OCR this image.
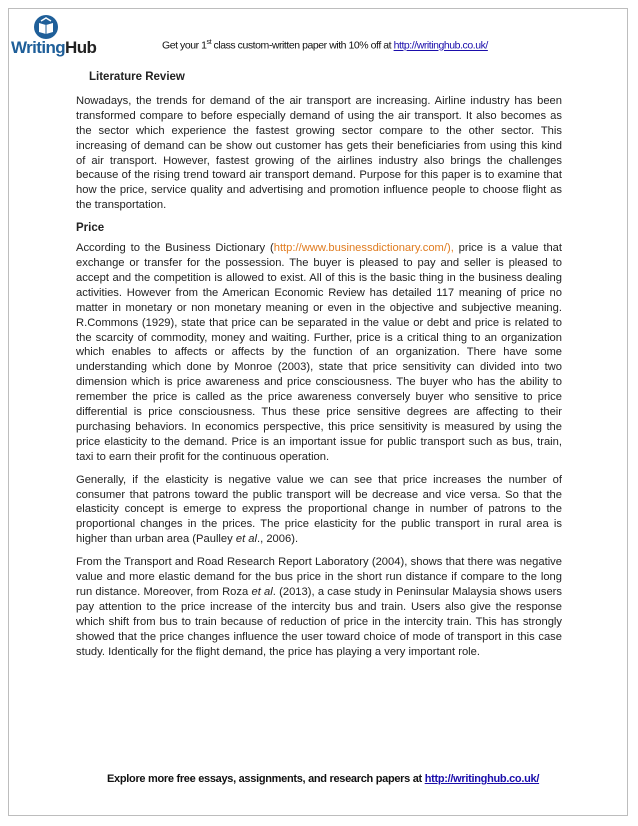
WritingHub	Get your 1st class custom-written paper with 10% off at http://writinghub.co.uk/
Literature Review

Nowadays, the trends for demand of the air transport are increasing. Airline industry has been transformed compare to before especially demand of using the air transport. It also becomes as the sector which experience the fastest growing sector compare to the other sector. This increasing of demand can be show out customer has gets their beneficiaries from using this kind of air transport. However, fastest growing of the airlines industry also brings the challenges because of the rising trend toward air transport demand. Purpose for this paper is to examine that how the price, service quality and advertising and promotion influence people to choose flight as the transportation.

Price

According to the Business Dictionary (http://www.businessdictionary.com/), price is a value that exchange or transfer for the possession. The buyer is pleased to pay and seller is pleased to accept and the competition is allowed to exist. All of this is the basic thing in the business dealing activities. However from the American Economic Review has detailed 117 meaning of price no matter in monetary or non monetary meaning or even in the objective and subjective meaning. R.Commons (1929), state that price can be separated in the value or debt and price is related to the scarcity of commodity, money and waiting. Further, price is a critical thing to an organization which enables to affects or affects by the function of an organization. There have some understanding which done by Monroe (2003), state that price sensitivity can divided into two dimension which is price awareness and price consciousness. The buyer who has the ability to remember the price is called as the price awareness conversely buyer who sensitive to price differential is price consciousness. Thus these price sensitive degrees are affecting to their purchasing behaviors. In economics perspective, this price sensitivity is measured by using the price elasticity to the demand. Price is an important issue for public transport such as bus, train, taxi to earn their profit for the continuous operation.

Generally, if the elasticity is negative value we can see that price increases the number of consumer that patrons toward the public transport will be decrease and vice versa. So that the elasticity concept is emerge to express the proportional change in number of patrons to the proportional changes in the prices. The price elasticity for the public transport in rural area is higher than urban area (Paulley et al., 2006).

From the Transport and Road Research Report Laboratory (2004), shows that there was negative value and more elastic demand for the bus price in the short run distance if compare to the long run distance. Moreover, from Roza et al. (2013), a case study in Peninsular Malaysia shows users pay attention to the price increase of the intercity bus and train. Users also give the response which shift from bus to train because of reduction of price in the intercity train. This has strongly showed that the price changes influence the user toward choice of mode of transport in this case study. Identically for the flight demand, the price has playing a very important role.

Explore more free essays, assignments, and research papers at http://writinghub.co.uk/
